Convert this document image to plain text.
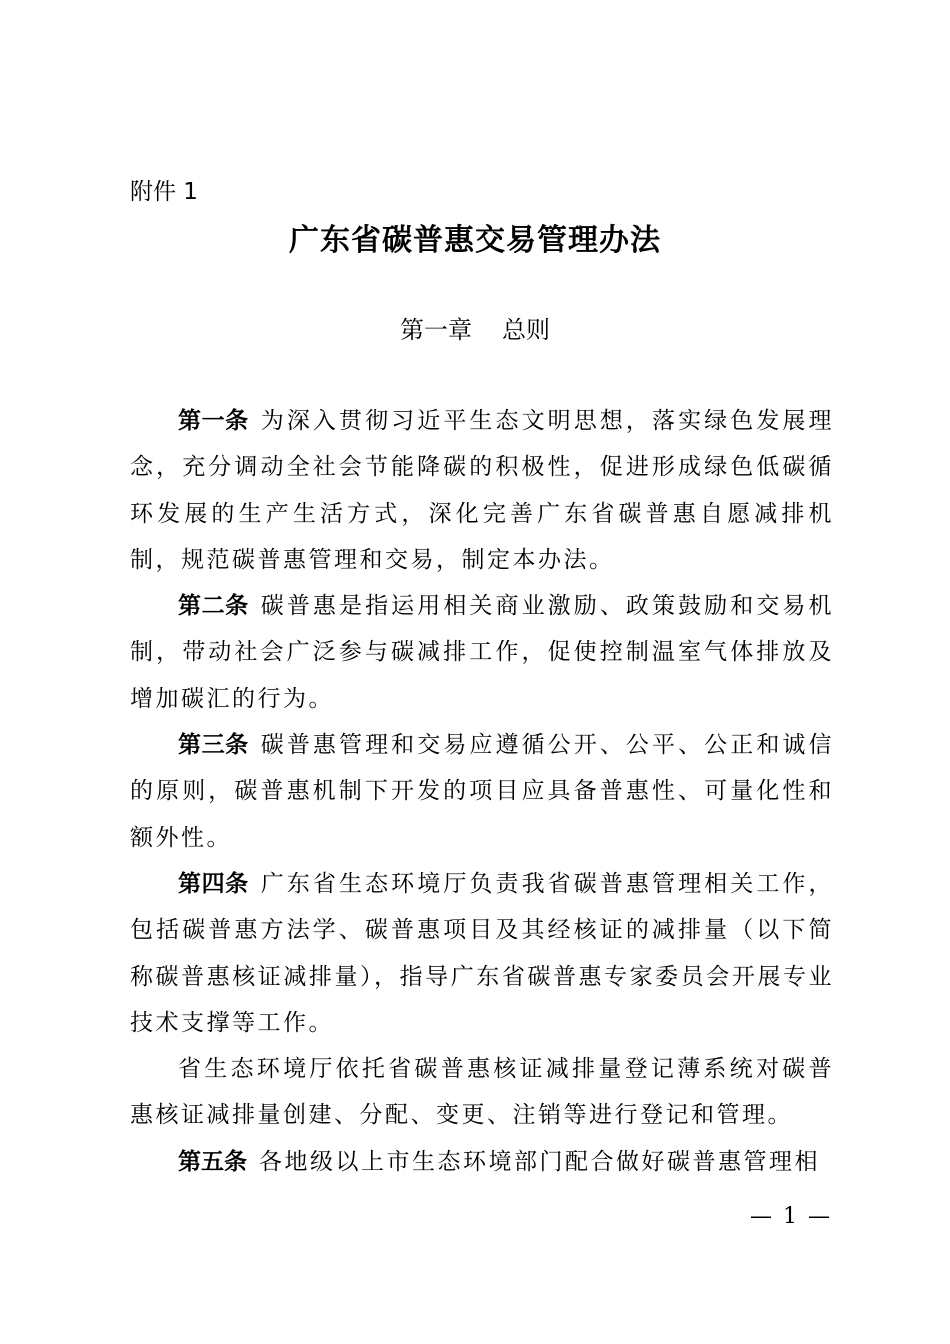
附件 1
广东省碳普惠交易管理办法
第一章 总则

第一条 为深入贯彻习近平生态文明思想，落实绿色发展理念，充分调动全社会节能降碳的积极性，促进形成绿色低碳循环发展的生产生活方式，深化完善广东省碳普惠自愿减排机制，规范碳普惠管理和交易，制定本办法。

第二条 碳普惠是指运用相关商业激励、政策鼓励和交易机制，带动社会广泛参与碳减排工作，促使控制温室气体排放及增加碳汇的行为。

第三条 碳普惠管理和交易应遵循公开、公平、公正和诚信的原则，碳普惠机制下开发的项目应具备普惠性、可量化性和额外性。

第四条 广东省生态环境厅负责我省碳普惠管理相关工作，包括碳普惠方法学、碳普惠项目及其经核证的减排量（以下简称碳普惠核证减排量），指导广东省碳普惠专家委员会开展专业技术支撑等工作。

省生态环境厅依托省碳普惠核证减排量登记薄系统对碳普惠核证减排量创建、分配、变更、注销等进行登记和管理。

第五条 各地级以上市生态环境部门配合做好碳普惠管理相

— 1 —
